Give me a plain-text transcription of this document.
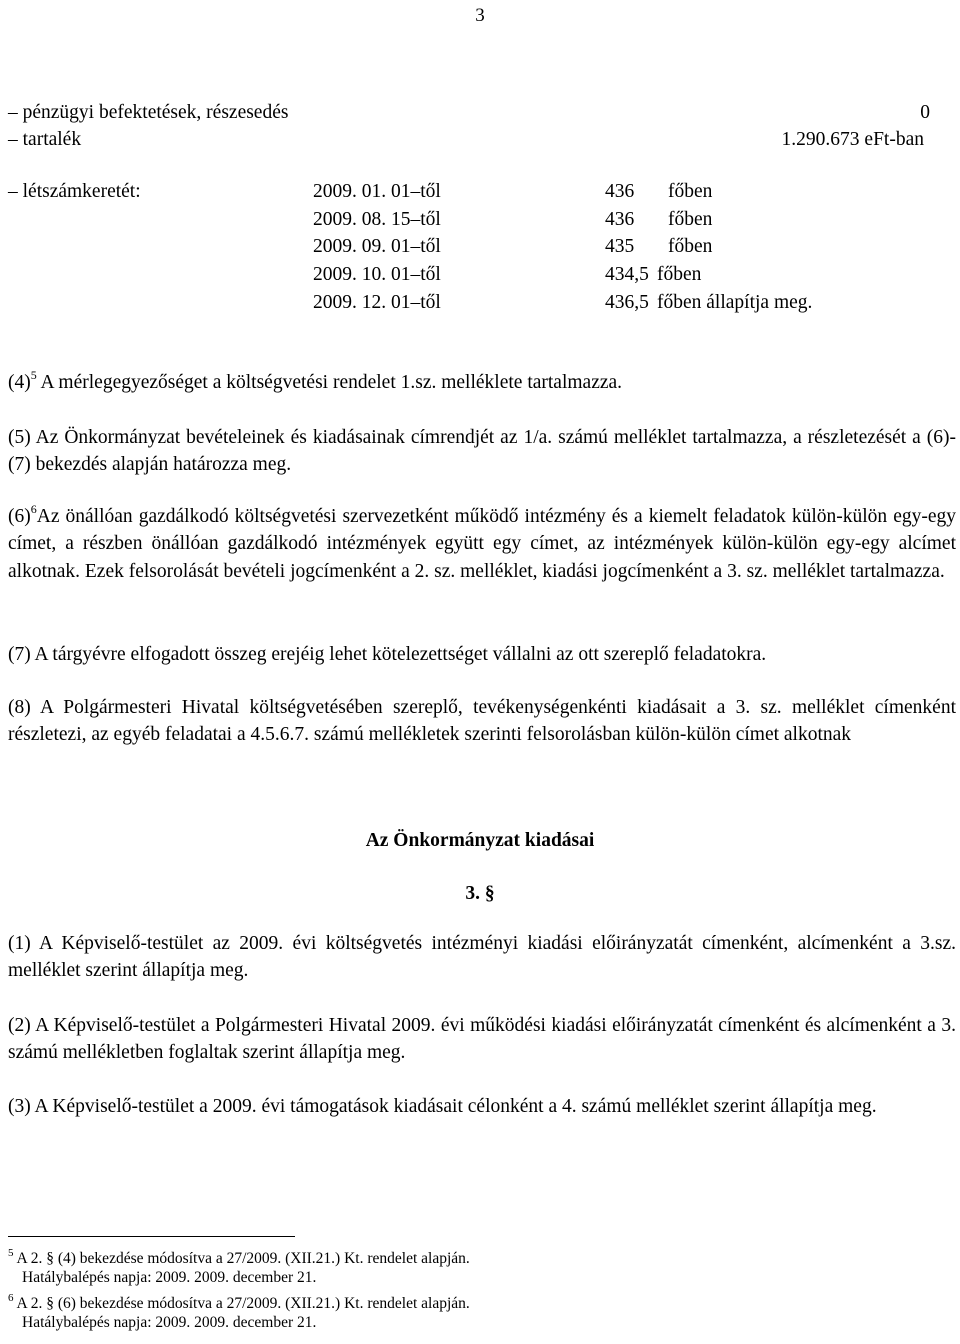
3
– pénzügyi befektetések, részesedés	0
– tartalék	1.290.673 eFt-ban
– létszámkeretét:	2009. 01. 01–től	436 főben
2009. 08. 15–től	436 főben
2009. 09. 01–től	435 főben
2009. 10. 01–től	434,5 főben
2009. 12. 01–től	436,5 főben állapítja meg.

$(4)^5$ A mérlegegyezőséget a költségvetési rendelet 1.sz. melléklete tartalmazza.

(5) Az Önkormányzat bevételeinek és kiadásainak címrendjét az 1/a. számú melléklet tartalmazza, a részletezését a (6)-(7) bekezdés alapján határozza meg.

$(6)^6Az$ önállóan gazdálkodó költségvetési szervezetként működő intézmény és a kiemelt feladatok külön-külön egy-egy címet, a részben önállóan gazdálkodó intézmények együtt egy címet, az intézmények külön-külön egy-egy alcímet alkotnak. Ezek felsorolását bevételi jogcímenként a 2. sz. melléklet, kiadási jogcímenként a 3. sz. melléklet tartalmazza.

(7) A tárgyévre elfogadott összeg erejéig lehet kötelezettséget vállalni az ott szereplő feladatokra.

(8) A Polgármesteri Hivatal költségvetésében szereplő, tevékenységenkénti kiadásait a 3. sz. melléklet címenként részletezi, az egyéb feladatai a 4.5.6.7. számú mellékletek szerinti felsorolásban külön-külön címet alkotnak

Az Önkormányzat kiadásai
3. §

(1) A Képviselő-testület az 2009. évi költségvetés intézményi kiadási előirányzatát címenként, alcímenként a 3.sz. melléklet szerint állapítja meg.

(2) A Képviselő-testület a Polgármesteri Hivatal 2009. évi működési kiadási előirányzatát címenként és alcímenként a 3. számú mellékletben foglaltak szerint állapítja meg.

(3) A Képviselő-testület a 2009. évi támogatások kiadásait célonként a 4. számú melléklet szerint állapítja meg.

$^5$ A 2. § (4) bekezdése módosítva a 27/2009. (XII.21.) Kt. rendelet alapján.
Hatálybalépés napja: 2009. 2009. december 21.
$^6$ A 2. § (6) bekezdése módosítva a 27/2009. (XII.21.) Kt. rendelet alapján.
Hatálybalépés napja: 2009. 2009. december 21.
